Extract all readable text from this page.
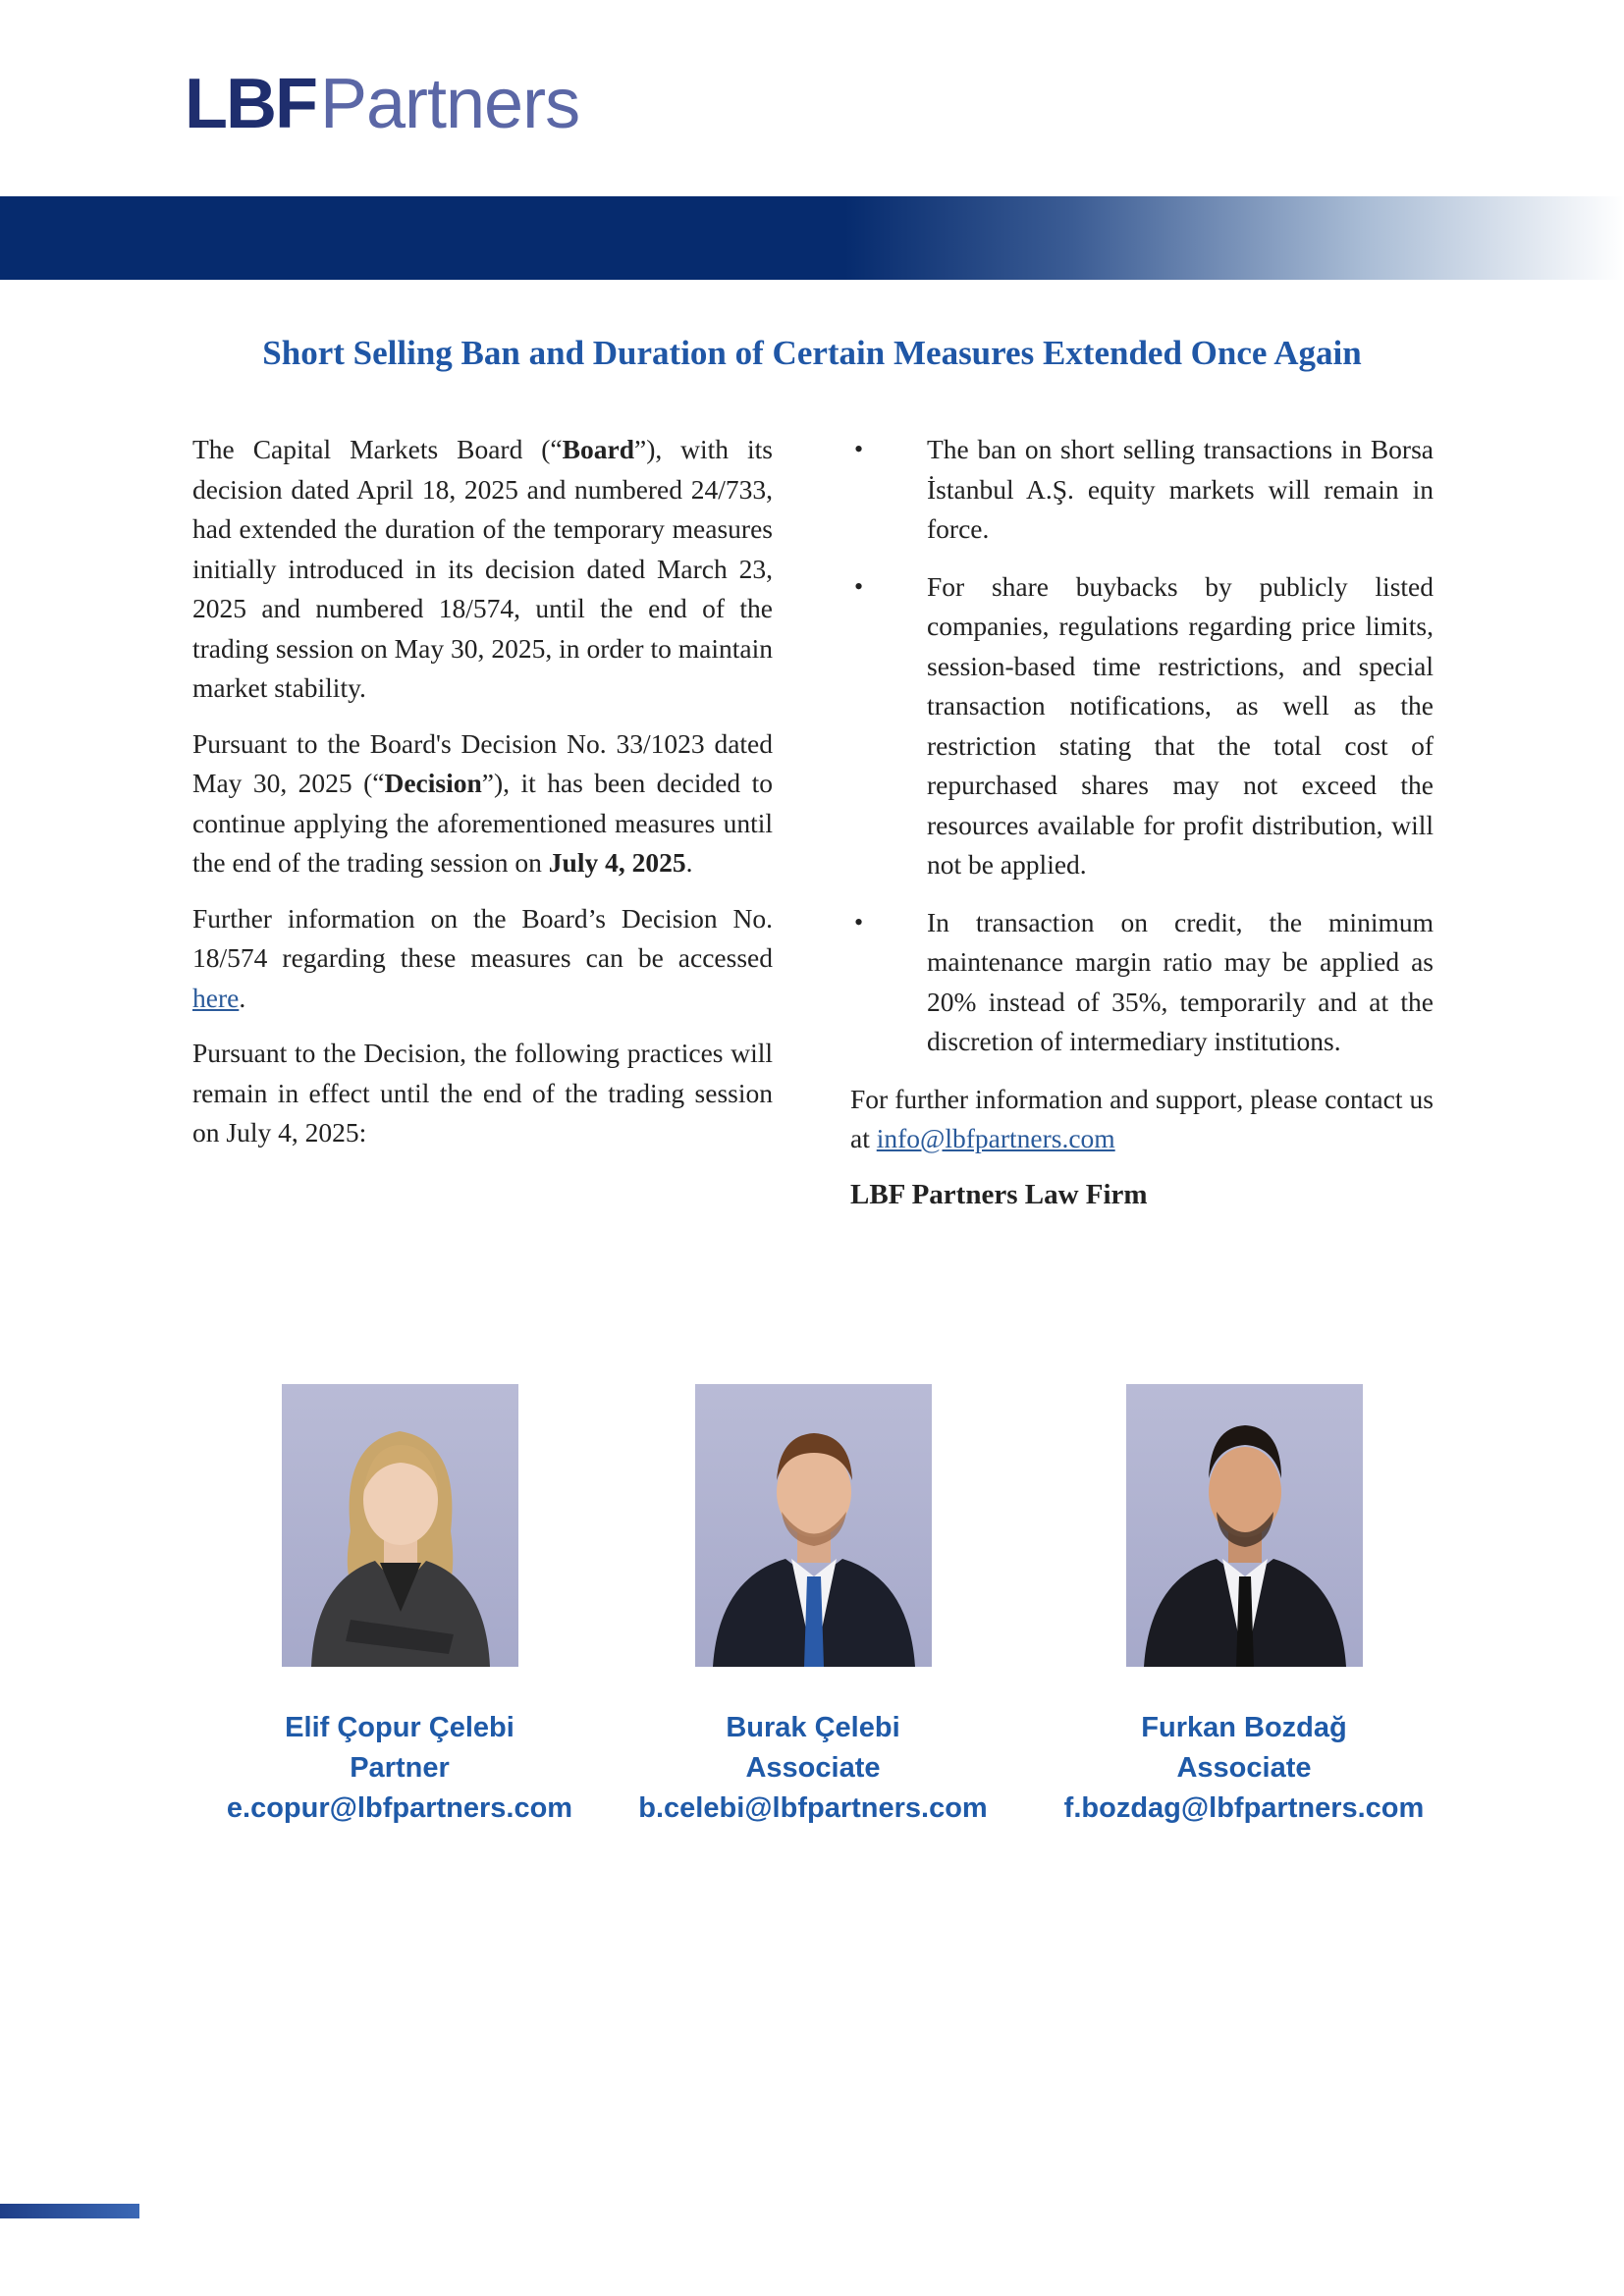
LBFPartners
Short Selling Ban and Duration of Certain Measures Extended Once Again

The Capital Markets Board (“Board”), with its decision dated April 18, 2025 and numbered 24/733, had extended the duration of the temporary measures initially introduced in its decision dated March 23, 2025 and numbered 18/574, until the end of the trading session on May 30, 2025, in order to maintain market stability.

Pursuant to the Board's Decision No. 33/1023 dated May 30, 2025 (“Decision”), it has been decided to continue applying the aforementioned measures until the end of the trading session on July 4, 2025.

Further information on the Board’s Decision No. 18/574 regarding these measures can be accessed here.

Pursuant to the Decision, the following practices will remain in effect until the end of the trading session on July 4, 2025:

• The ban on short selling transactions in Borsa İstanbul A.Ş. equity markets will remain in force.
• For share buybacks by publicly listed companies, regulations regarding price limits, session-based time restrictions, and special transaction notifications, as well as the restriction stating that the total cost of repurchased shares may not exceed the resources available for profit distribution, will not be applied.
• In transaction on credit, the minimum maintenance margin ratio may be applied as 20% instead of 35%, temporarily and at the discretion of intermediary institutions.

For further information and support, please contact us at info@lbfpartners.com

LBF Partners Law Firm

Elif Çopur Çelebi
Partner
e.copur@lbfpartners.com
Burak Çelebi
Associate
b.celebi@lbfpartners.com
Furkan Bozdağ
Associate
f.bozdag@lbfpartners.com
